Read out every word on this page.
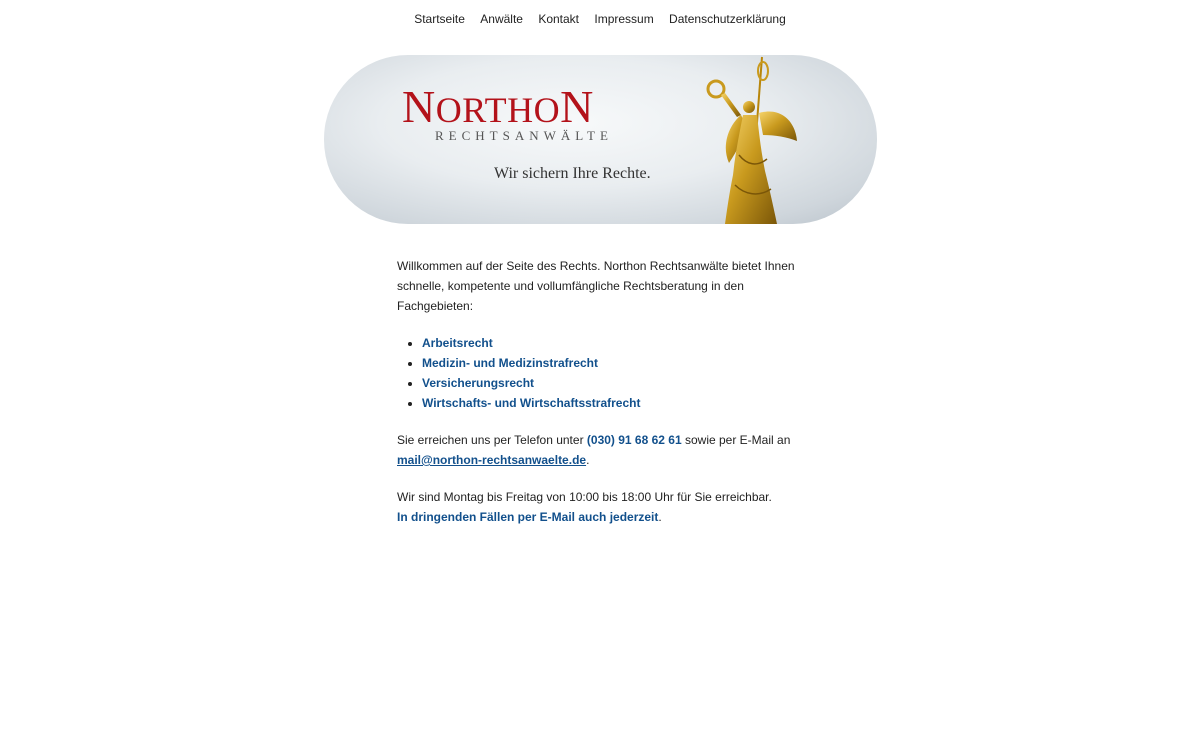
Startseite Anwälte Kontakt Impressum Datenschutzerklärung
NORTHON
RECHTSANWÄLTE
Wir sichern Ihre Rechte.

Willkommen auf der Seite des Rechts. Northon Rechtsanwälte bietet Ihnen schnelle, kompetente und vollumfängliche Rechtsberatung in den Fachgebieten:

• Arbeitsrecht
• Medizin- und Medizinstrafrecht
• Versicherungsrecht
• Wirtschafts- und Wirtschaftsstrafrecht

Sie erreichen uns per Telefon unter (030) 91 68 62 61 sowie per E-Mail an mail@northon-rechtsanwaelte.de.

Wir sind Montag bis Freitag von 10:00 bis 18:00 Uhr für Sie erreichbar.
In dringenden Fällen per E-Mail auch jederzeit.
